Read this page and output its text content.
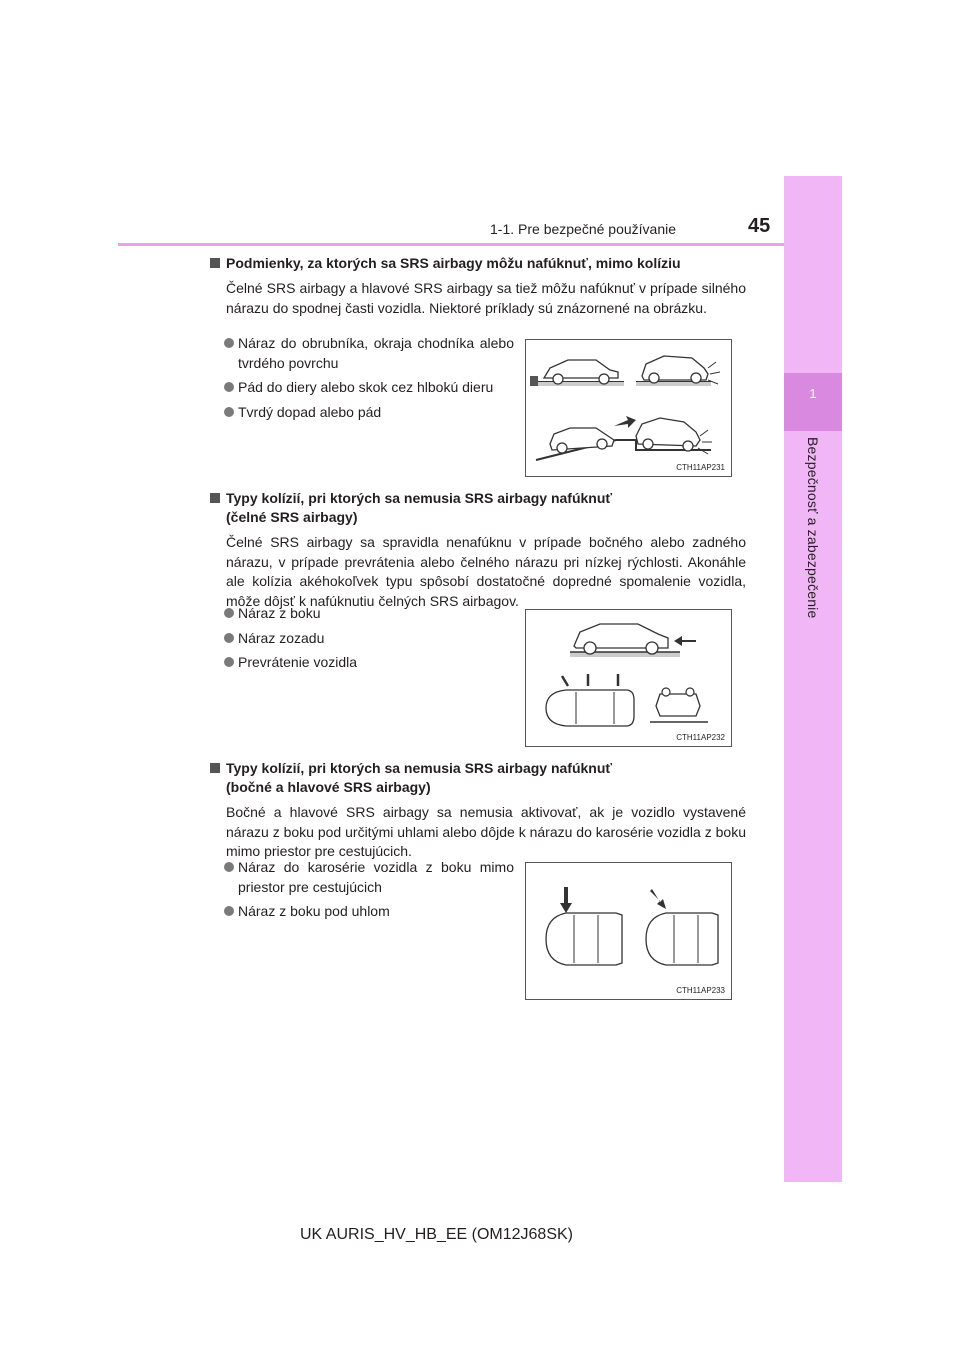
1-1. Pre bezpečné používanie	45
1
Bezpečnosť a zabezpečenie
Podmienky, za ktorých sa SRS airbagy môžu nafúknuť, mimo kolíziu
Čelné SRS airbagy a hlavové SRS airbagy sa tiež môžu nafúknuť v prípade silného nárazu do spodnej časti vozidla. Niektoré príklady sú znázornené na obrázku.
Náraz do obrubníka, okraja chodníka alebo tvrdého povrchu
Pád do diery alebo skok cez hlbokú dieru
Tvrdý dopad alebo pád
CTH11AP231
Typy kolízií, pri ktorých sa nemusia SRS airbagy nafúknuť
(čelné SRS airbagy)
Čelné SRS airbagy sa spravidla nenafúknu v prípade bočného alebo zadného nárazu, v prípade prevrátenia alebo čelného nárazu pri nízkej rýchlosti. Akonáhle ale kolízia akéhokoľvek typu spôsobí dostatočné dopredné spomalenie vozidla, môže dôjsť k nafúknutiu čelných SRS airbagov.
Náraz z boku
Náraz zozadu
Prevrátenie vozidla
CTH11AP232
Typy kolízií, pri ktorých sa nemusia SRS airbagy nafúknuť
(bočné a hlavové SRS airbagy)
Bočné a hlavové SRS airbagy sa nemusia aktivovať, ak je vozidlo vystavené nárazu z boku pod určitými uhlami alebo dôjde k nárazu do karosérie vozidla z boku mimo priestor pre cestujúcich.
Náraz do karosérie vozidla z boku mimo priestor pre cestujúcich
Náraz z boku pod uhlom
CTH11AP233
UK AURIS_HV_HB_EE (OM12J68SK)
